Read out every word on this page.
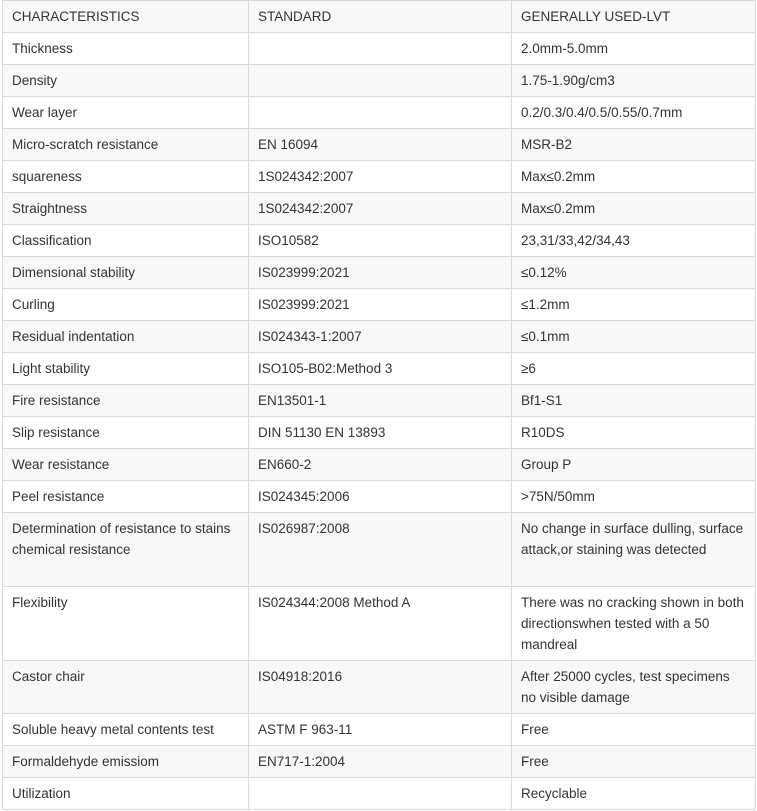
CHARACTERISTICS	STANDARD	GENERALLY USED-LVT

Thickness		2.0mm-5.0mm

Density		1.75-1.90g/cm3

Wear layer		0.2/0.3/0.4/0.5/0.55/0.7mm

Micro-scratch resistance	EN 16094	MSR-B2

squareness	1S024342:2007	Max≤0.2mm

Straightness	1S024342:2007	Max≤0.2mm

Classification	ISO10582	23,31/33,42/34,43

Dimensional stability	IS023999:2021	≤0.12%

Curling	IS023999:2021	≤1.2mm

Residual indentation	IS024343-1:2007	≤0.1mm

Light stability	ISO105-B02:Method 3	≥6

Fire resistance	EN13501-1	Bf1-S1

Slip resistance	DIN 51130 EN 13893	R10DS

Wear resistance	EN660-2	Group P

Peel resistance	IS024345:2006	>75N/50mm

Determination of resistance to stains chemical resistance	IS026987:2008	No change in surface dulling, surface attack,or staining was detected

Flexibility	IS024344:2008 Method A	There was no cracking shown in both directionswhen tested with a 50 mandreal

Castor chair	IS04918:2016	After 25000 cycles, test specimens no visible damage

Soluble heavy metal contents test	ASTM F 963-11	Free

Formaldehyde emissiom	EN717-1:2004	Free

Utilization		Recyclable
